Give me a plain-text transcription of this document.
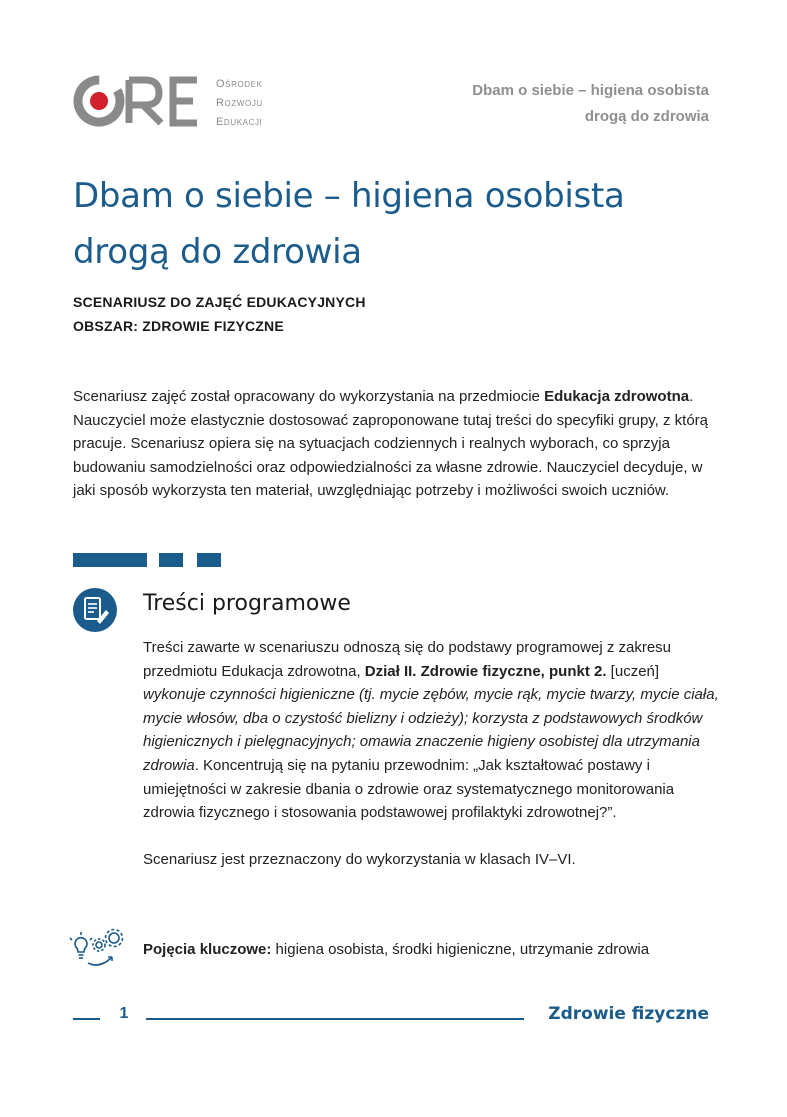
Ośrodek
Rozwoju
Edukacji
Dbam o siebie – higiena osobista
drogą do zdrowia
Dbam o siebie – higiena osobista
drogą do zdrowia
SCENARIUSZ DO ZAJĘĆ EDUKACYJNYCH
OBSZAR: ZDROWIE FIZYCZNE
Scenariusz zajęć został opracowany do wykorzystania na przedmiocie Edukacja zdrowotna. Nauczyciel może elastycznie dostosować zaproponowane tutaj treści do specyfiki grupy, z którą pracuje. Scenariusz opiera się na sytuacjach codziennych i realnych wyborach, co sprzyja budowaniu samodzielności oraz odpowiedzialności za własne zdrowie. Nauczyciel decyduje, w jaki sposób wykorzysta ten materiał, uwzględniając potrzeby i możliwości swoich uczniów.
Treści programowe

Treści zawarte w scenariuszu odnoszą się do podstawy programowej z zakresu przedmiotu Edukacja zdrowotna, Dział II. Zdrowie fizyczne, punkt 2. [uczeń] wykonuje czynności higieniczne (tj. mycie zębów, mycie rąk, mycie twarzy, mycie ciała, mycie włosów, dba o czystość bielizny i odzieży); korzysta z podstawowych środków higienicznych i pielęgnacyjnych; omawia znaczenie higieny osobistej dla utrzymania zdrowia. Koncentrują się na pytaniu przewodnim: „Jak kształtować postawy i umiejętności w zakresie dbania o zdrowie oraz systematycznego monitorowania zdrowia fizycznego i stosowania podstawowej profilaktyki zdrowotnej?”.

Scenariusz jest przeznaczony do wykorzystania w klasach IV–VI.

Pojęcia kluczowe: higiena osobista, środki higieniczne, utrzymanie zdrowia
1	Zdrowie fizyczne
